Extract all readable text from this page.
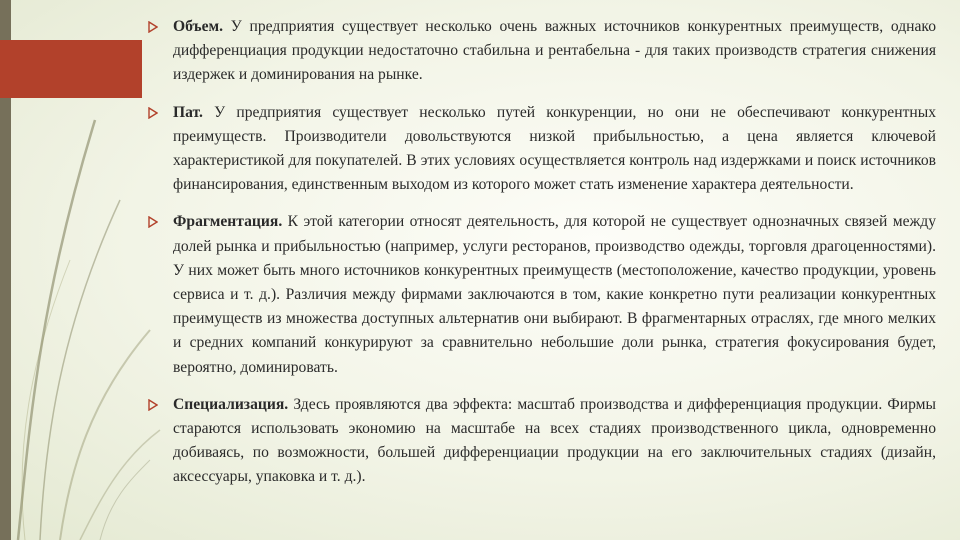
Объем. У предприятия существует несколько очень важных источников конкурентных преимуществ, однако дифференциация продукции недостаточно стабильна и рентабельна - для таких производств стратегия снижения издержек и доминирования на рынке.

Пат. У предприятия существует несколько путей конкуренции, но они не обеспечивают конкурентных преимуществ. Производители довольствуются низкой прибыльностью, а цена является ключевой характеристикой для покупателей. В этих условиях осуществляется контроль над издержками и поиск источников финансирования, единственным выходом из которого может стать изменение характера деятельности.

Фрагментация. К этой категории относят деятельность, для которой не существует однозначных связей между долей рынка и прибыльностью (например, услуги ресторанов, производство одежды, торговля драгоценностями). У них может быть много источников конкурентных преимуществ (местоположение, качество продукции, уровень сервиса и т. д.). Различия между фирмами заключаются в том, какие конкретно пути реализации конкурентных преимуществ из множества доступных альтернатив они выбирают. В фрагментарных отраслях, где много мелких и средних компаний конкурируют за сравнительно небольшие доли рынка, стратегия фокусирования будет, вероятно, доминировать.

Специализация. Здесь проявляются два эффекта: масштаб производства и дифференциация продукции. Фирмы стараются использовать экономию на масштабе на всех стадиях производственного цикла, одновременно добиваясь, по возможности, большей дифференциации продукции на его заключительных стадиях (дизайн, аксессуары, упаковка и т. д.).
